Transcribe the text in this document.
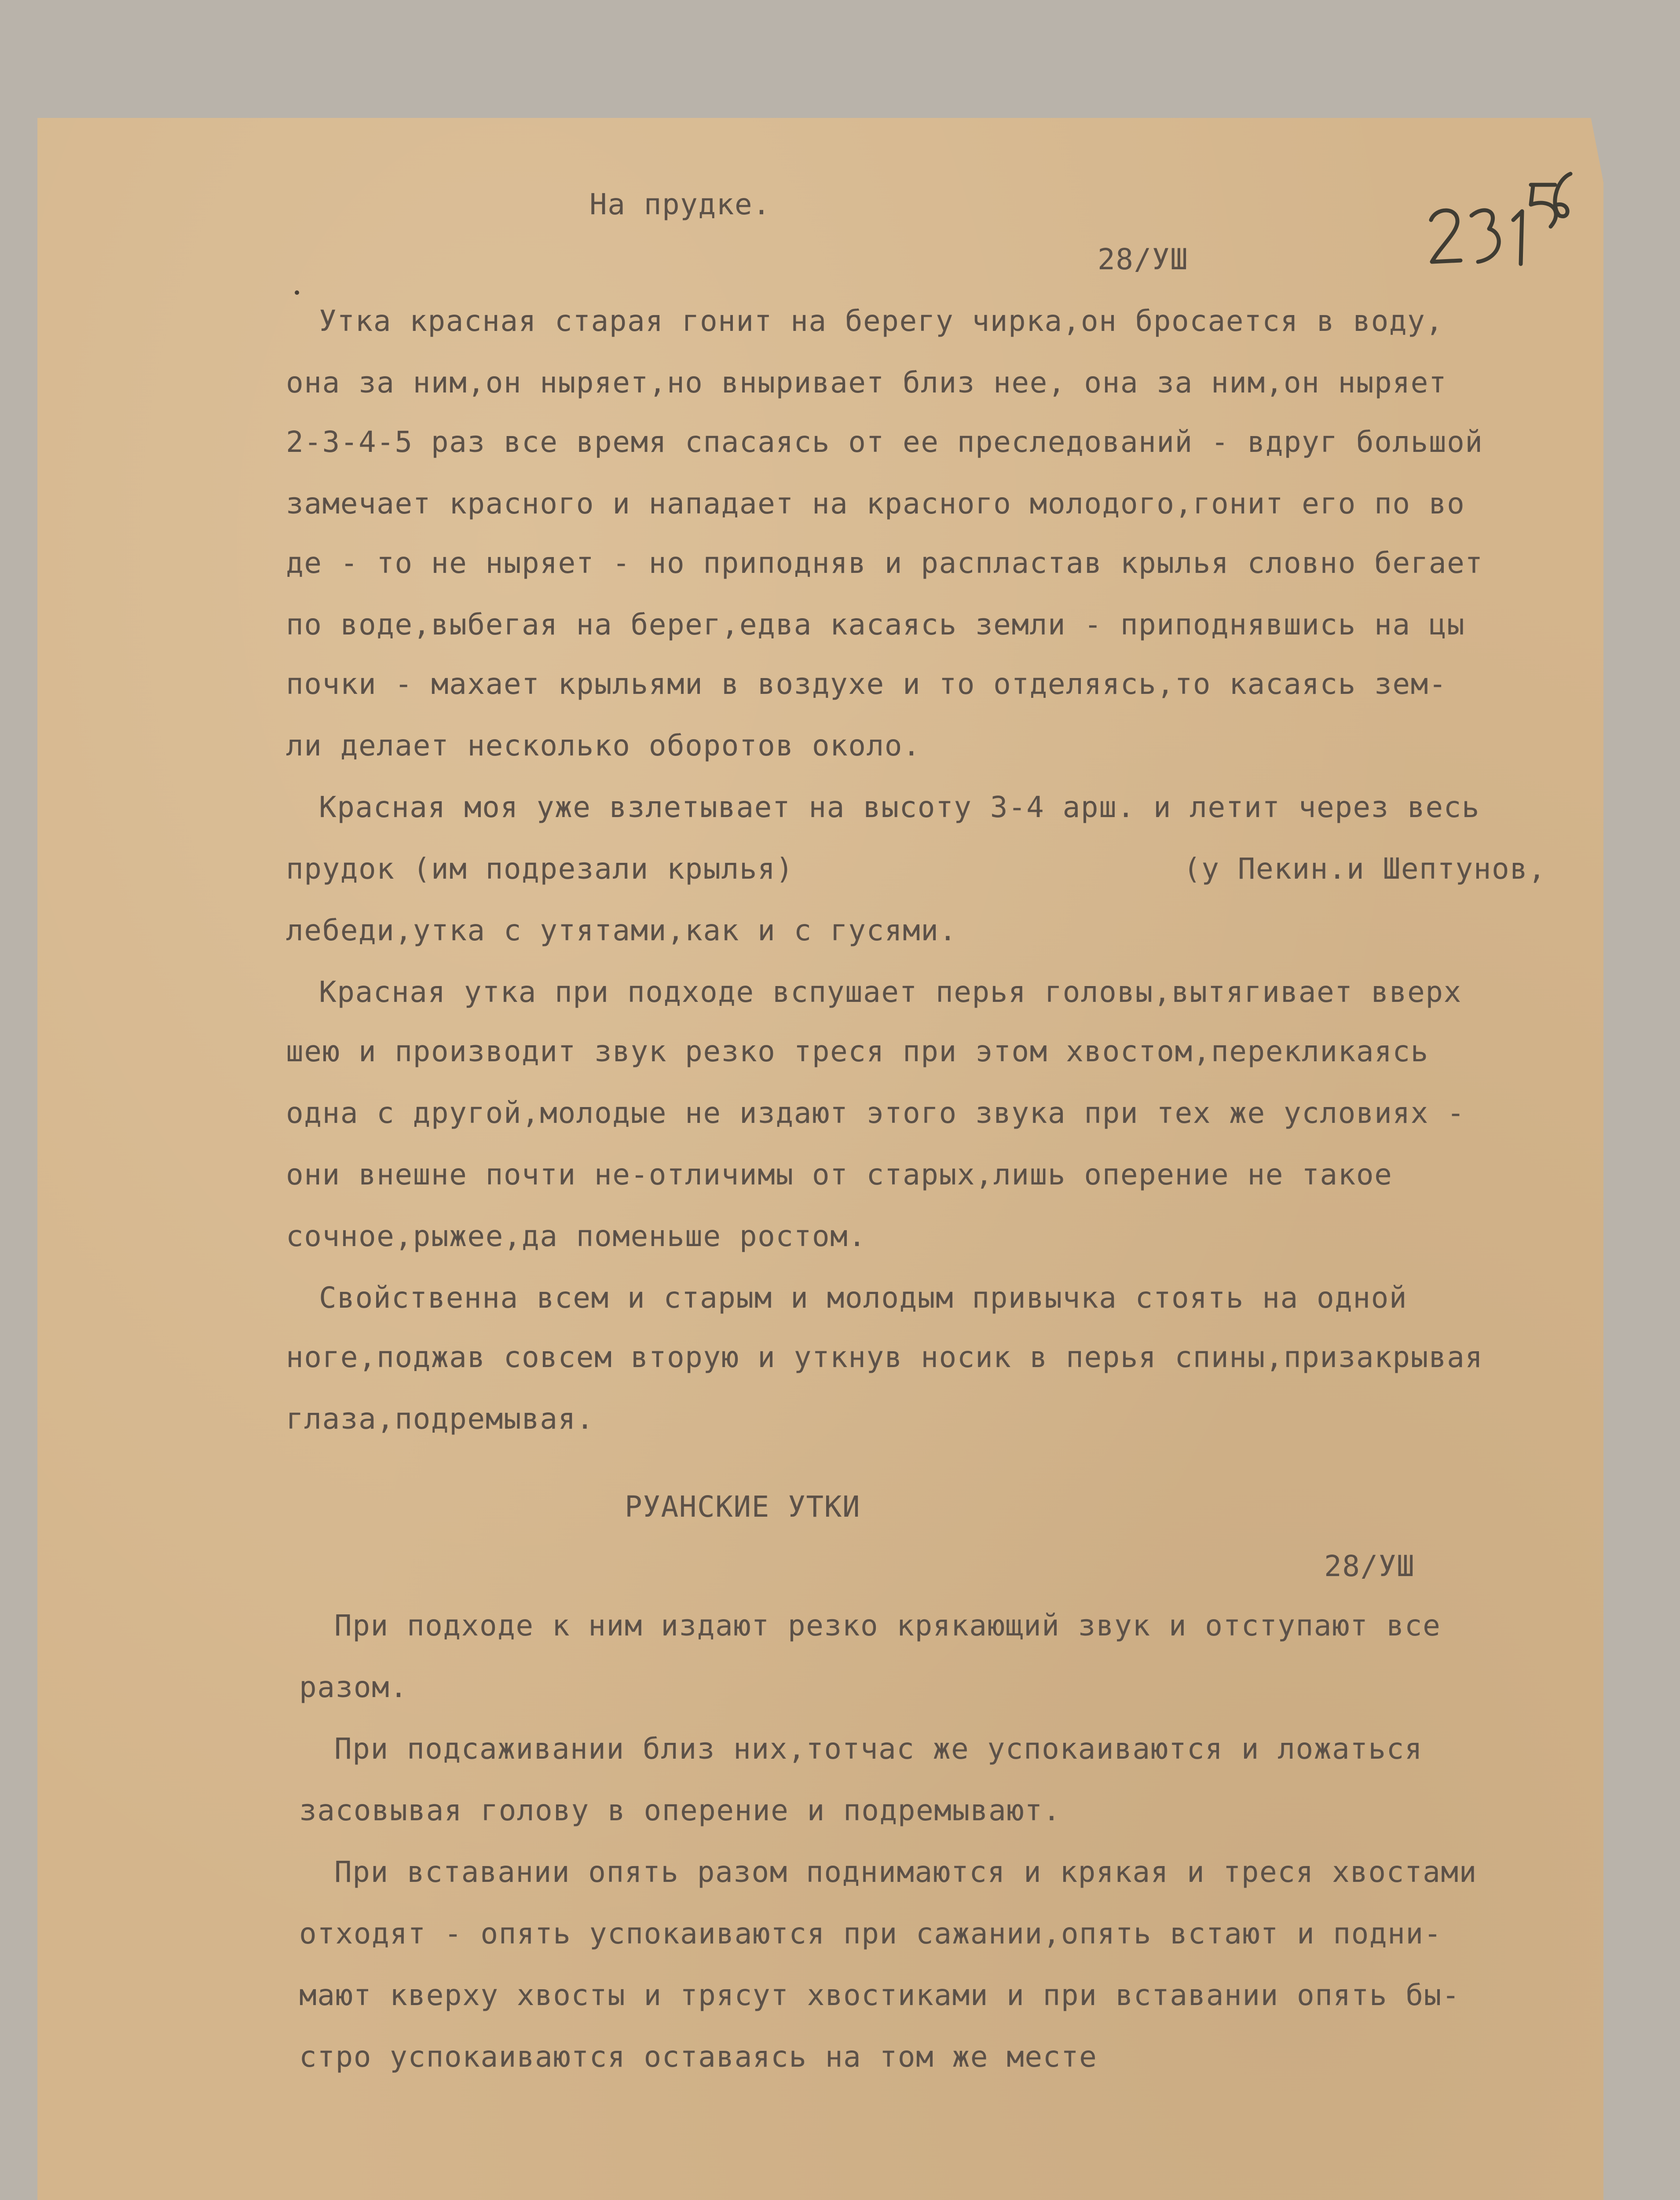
На прудке.
28/УШ
Утка красная старая гонит на берегу чирка,он бросается в воду,
она за ним,он ныряет,но вныривает близ нее, она за ним,он ныряет
2-3-4-5 раз все время спасаясь от ее преследований - вдруг большой
замечает красного и нападает на красного молодого,гонит его по во
де - то не ныряет - но приподняв и распластав крылья словно бегает
по воде,выбегая на берег,едва касаясь земли - приподнявшись на цы
почки - махает крыльями в воздухе и то отделяясь,то касаясь зем-
ли делает несколько оборотов около.
Красная моя уже взлетывает на высоту 3-4 арш. и летит через весь
прудок (им подрезали крылья)	(у Пекин.и Шептунов,
лебеди,утка с утятами,как и с гусями.
Красная утка при подходе вспушает перья головы,вытягивает вверх
шею и производит звук резко треся при этом хвостом,перекликаясь
одна с другой,молодые не издают этого звука при тех же условиях -
они внешне почти не-отличимы от старых,лишь оперение не такое
сочное,рыжее,да поменьше ростом.
Свойственна всем и старым и молодым привычка стоять на одной
ноге,поджав совсем вторую и уткнув носик в перья спины,призакрывая
глаза,подремывая.
РУАНСКИЕ УТКИ
28/УШ
При подходе к ним издают резко крякающий звук и отступают все
разом.
При подсаживании близ них,тотчас же успокаиваются и ложаться
засовывая голову в оперение и подремывают.
При вставании опять разом поднимаются и крякая и треся хвостами
отходят - опять успокаиваются при сажании,опять встают и подни-
мают кверху хвосты и трясут хвостиками и при вставании опять бы-
стро успокаиваются оставаясь на том же месте
